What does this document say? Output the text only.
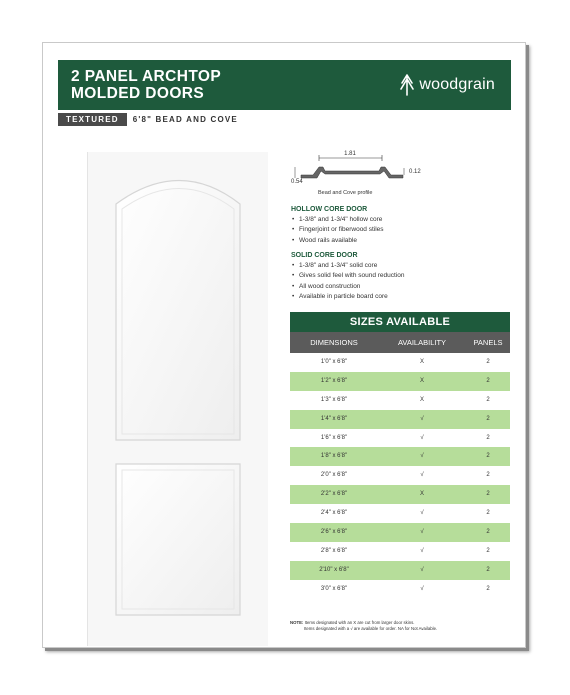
2 PANEL ARCHTOP
MOLDED DOORS
woodgrain
TEXTURED	6'8" BEAD AND COVE
1.81
0.12
0.54
Bead and Cove profile
HOLLOW CORE DOOR
• 1-3/8" and 1-3/4" hollow core
• Fingerjoint or fiberwood stiles
• Wood rails available
SOLID CORE DOOR
• 1-3/8" and 1-3/4" solid core
• Gives solid feel with sound reduction
• All wood construction
• Available in particle board core
SIZES AVAILABLE
DIMENSIONS	AVAILABILITY	PANELS
1'0" x 6'8"	X	2
1'2" x 6'8"	X	2
1'3" x 6'8"	X	2
1'4" x 6'8"	√	2
1'6" x 6'8"	√	2
1'8" x 6'8"	√	2
2'0" x 6'8"	√	2
2'2" x 6'8"	X	2
2'4" x 6'8"	√	2
2'6" x 6'8"	√	2
2'8" x 6'8"	√	2
2'10" x 6'8"	√	2
3'0" x 6'8"	√	2
NOTE: Items designated with an X are cut from larger door skins.
Items designated with a √ are available for order. NA for Not Available.
